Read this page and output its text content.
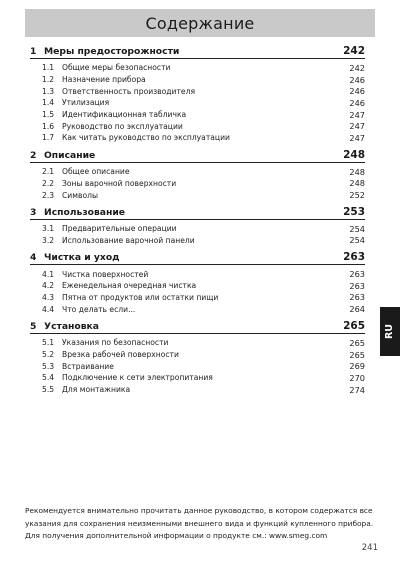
Содержание
1 Меры предосторожности	242
1.1 Общие меры безопасности	242
1.2 Назначение прибора	246
1.3 Ответственность производителя	246
1.4 Утилизация	246
1.5 Идентификационная табличка	247
1.6 Руководство по эксплуатации	247
1.7 Как читать руководство по эксплуатации	247
2 Описание	248
2.1 Общее описание	248
2.2 Зоны варочной поверхности	248
2.3 Символы	252
3 Использование	253
3.1 Предварительные операции	254
3.2 Использование варочной панели	254
4 Чистка и уход	263
4.1 Чистка поверхностей	263
4.2 Еженедельная очередная чистка	263
4.3 Пятна от продуктов или остатки пищи	263
4.4 Что делать если...	264
5 Установка	265
5.1 Указания по безопасности	265
5.2 Врезка рабочей поверхности	265
5.3 Встраивание	269
5.4 Подключение к сети электропитания	270
5.5 Для монтажника	274
RU
Рекомендуется внимательно прочитать данное руководство, в котором содержатся все
указания для сохранения неизменными внешнего вида и функций купленного прибора.
Для получения дополнительной информации о продукте см.: www.smeg.com
241
